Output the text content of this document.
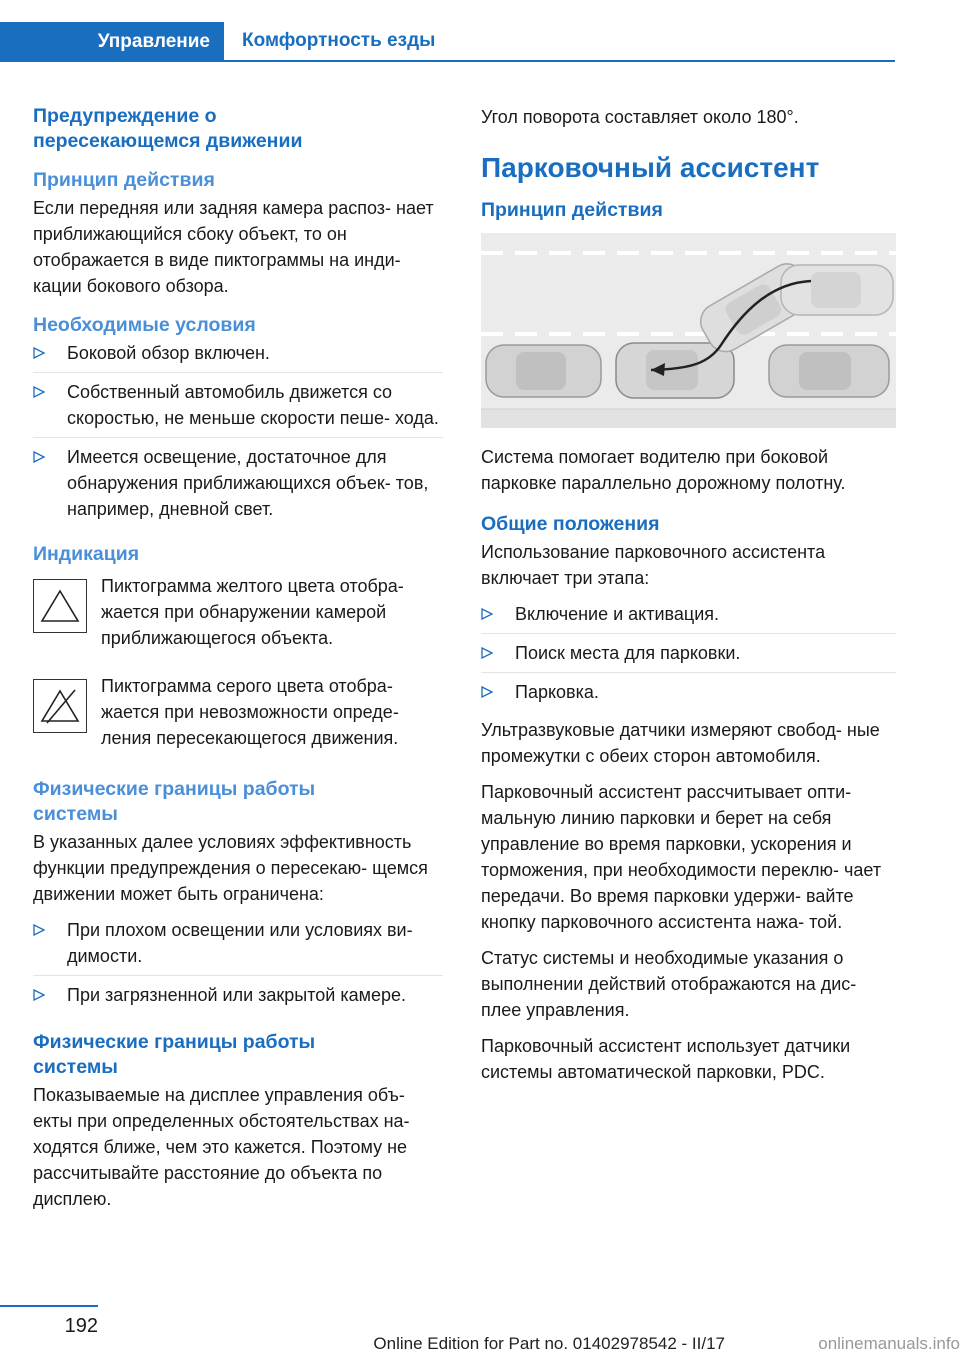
Управление Комфортность езды
Предупреждение о
пересекающемся движении
Принцип действия

Если передняя или задняя камера распоз‐ нает приближающийся сбоку объект, то он отображается в виде пиктограммы на инди‐ кации бокового обзора.

Необходимые условия
Боковой обзор включен.
Собственный автомобиль движется со скоростью, не меньше скорости пеше‐ хода.
Имеется освещение, достаточное для обнаружения приближающихся объек‐ тов, например, дневной свет.
Индикация
Пиктограмма желтого цвета отобра‐ жается при обнаружении камерой приближающегося объекта.
Пиктограмма серого цвета отобра‐ жается при невозможности опреде‐ ления пересекающегося движения.
Физические границы работы
системы

В указанных далее условиях эффективность функции предупреждения о пересекаю‐ щемся движении может быть ограничена:

При плохом освещении или условиях ви‐ димости.
При загрязненной или закрытой камере.
Физические границы работы
системы

Показываемые на дисплее управления объ‐ екты при определенных обстоятельствах на‐ ходятся ближе, чем это кажется. Поэтому не рассчитывайте расстояние до объекта по дисплею.

Угол поворота составляет около 180°.

Парковочный ассистент
Принцип действия

Система помогает водителю при боковой парковке параллельно дорожному полотну.

Общие положения

Использование парковочного ассистента включает три этапа:

Включение и активация.
Поиск места для парковки.
Парковка.

Ультразвуковые датчики измеряют свобод‐ ные промежутки с обеих сторон автомобиля.

Парковочный ассистент рассчитывает опти‐ мальную линию парковки и берет на себя управление во время парковки, ускорения и торможения, при необходимости переклю‐ чает передачи. Во время парковки удержи‐ вайте кнопку парковочного ассистента нажа‐ той.

Статус системы и необходимые указания о выполнении действий отображаются на дис‐ плее управления.

Парковочный ассистент использует датчики системы автоматической парковки, PDC.

192
Online Edition for Part no. 01402978542 - II/17	onlinemanuals.info
